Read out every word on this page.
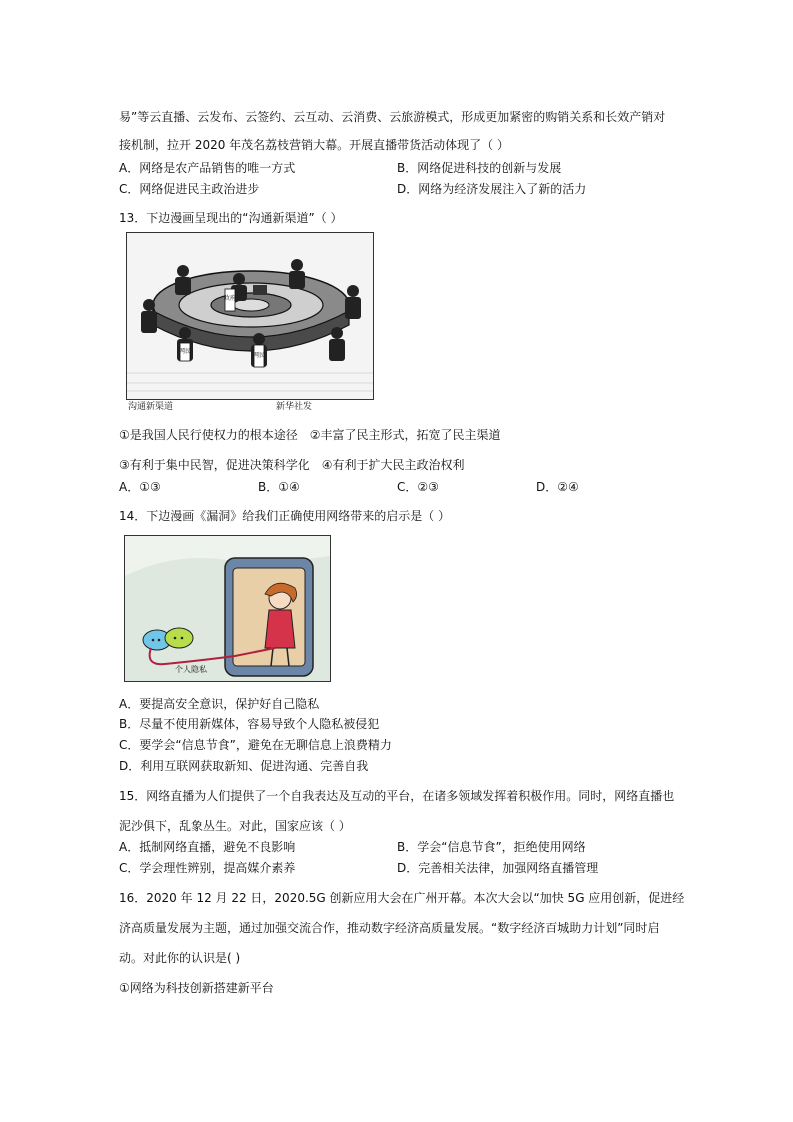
易”等云直播、云发布、云签约、云互动、云消费、云旅游模式，形成更加紧密的购销关系和长效产销对
接机制，拉开 2020 年茂名荔枝营销大幕。开展直播带货活动体现了（ ）
A．网络是农产品销售的唯一方式	B．网络促进科技的创新与发展
C．网络促进民主政治进步	D．网络为经济发展注入了新的活力
13．下边漫画呈现出的“沟通新渠道”（ ）
政府
网民
网民
沟通新渠道	新华社发
①是我国人民行使权力的根本途径　②丰富了民主形式，拓宽了民主渠道
③有利于集中民智，促进决策科学化　④有利于扩大民主政治权利
A．①③	B．①④	C．②③	D．②④
14．下边漫画《漏洞》给我们正确使用网络带来的启示是（ ）
个人隐私
A．要提高安全意识，保护好自己隐私
B．尽量不使用新媒体，容易导致个人隐私被侵犯
C．要学会“信息节食”，避免在无聊信息上浪费精力
D．利用互联网获取新知、促进沟通、完善自我
15．网络直播为人们提供了一个自我表达及互动的平台，在诸多领域发挥着积极作用。同时，网络直播也
泥沙俱下，乱象丛生。对此，国家应该（ ）
A．抵制网络直播，避免不良影响	B．学会“信息节食”，拒绝使用网络
C．学会理性辨别，提高媒介素养	D．完善相关法律，加强网络直播管理
16．2020 年 12 月 22 日，2020.5G 创新应用大会在广州开幕。本次大会以“加快 5G 应用创新，促进经
济高质量发展为主题，通过加强交流合作，推动数字经济高质量发展。“数字经济百城助力计划”同时启
动。对此你的认识是( )
①网络为科技创新搭建新平台
